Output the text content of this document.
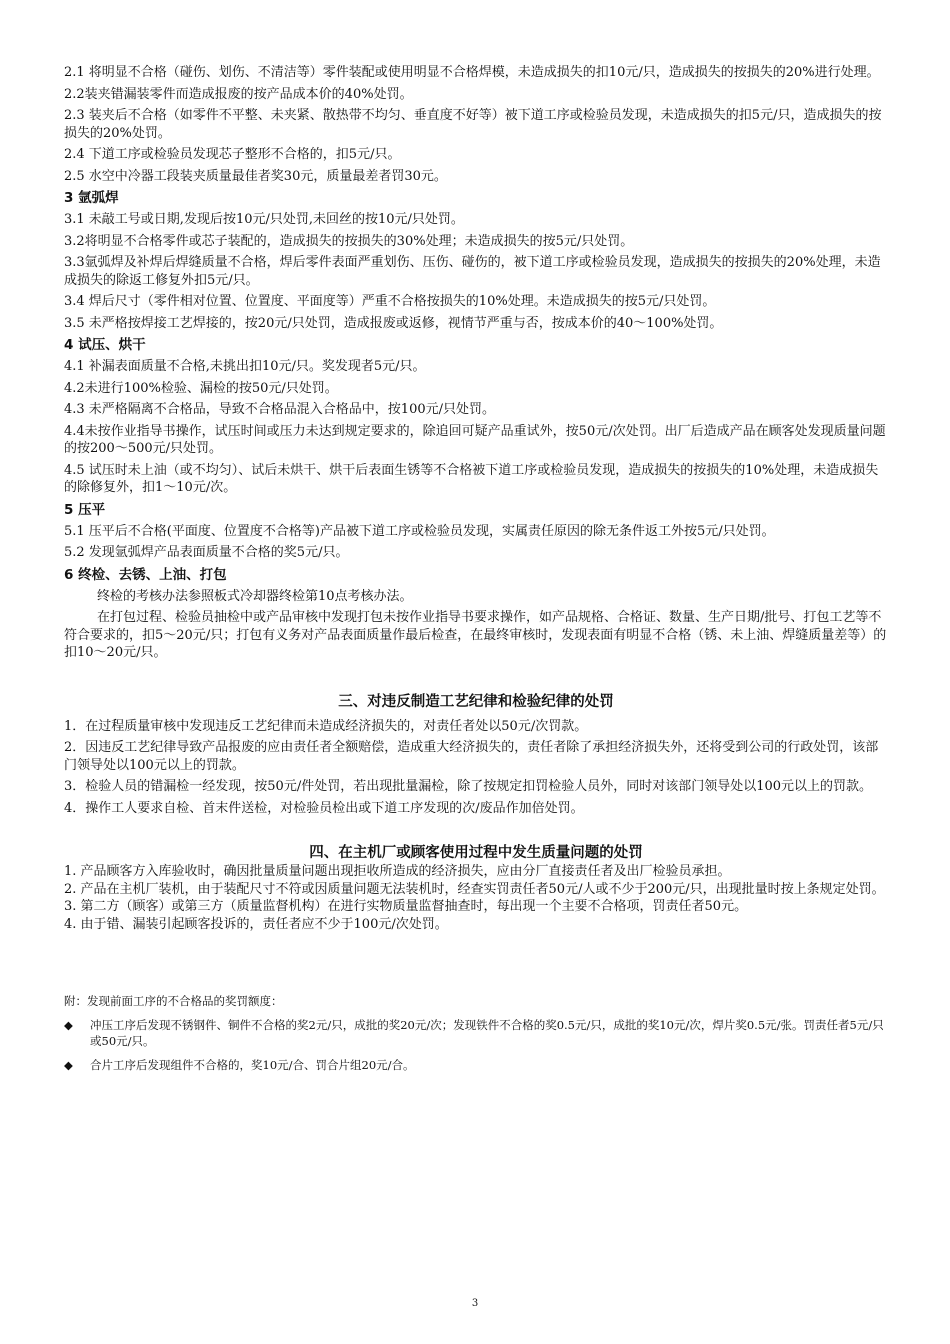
2.1 将明显不合格（碰伤、划伤、不清洁等）零件装配或使用明显不合格焊模，未造成损失的扣10元/只，造成损失的按损失的20%进行处理。

2.2装夹错漏装零件而造成报废的按产品成本价的40%处罚。

2.3 装夹后不合格（如零件不平整、未夹紧、散热带不均匀、垂直度不好等）被下道工序或检验员发现，未造成损失的扣5元/只，造成损失的按损失的20%处罚。

2.4 下道工序或检验员发现芯子整形不合格的，扣5元/只。

2.5 水空中冷器工段装夹质量最佳者奖30元，质量最差者罚30元。

3 氩弧焊

3.1 未敲工号或日期,发现后按10元/只处罚,未回丝的按10元/只处罚。

3.2将明显不合格零件或芯子装配的，造成损失的按损失的30%处理；未造成损失的按5元/只处罚。

3.3氩弧焊及补焊后焊缝质量不合格，焊后零件表面严重划伤、压伤、碰伤的，被下道工序或检验员发现，造成损失的按损失的20%处理，未造成损失的除返工修复外扣5元/只。

3.4 焊后尺寸（零件相对位置、位置度、平面度等）严重不合格按损失的10%处理。未造成损失的按5元/只处罚。

3.5 未严格按焊接工艺焊接的，按20元/只处罚，造成报废或返修，视情节严重与否，按成本价的40～100%处罚。

4 试压、烘干

4.1 补漏表面质量不合格,未挑出扣10元/只。奖发现者5元/只。

4.2未进行100%检验、漏检的按50元/只处罚。

4.3 未严格隔离不合格品，导致不合格品混入合格品中，按100元/只处罚。

4.4未按作业指导书操作，试压时间或压力未达到规定要求的，除追回可疑产品重试外，按50元/次处罚。出厂后造成产品在顾客处发现质量问题的按200～500元/只处罚。

4.5 试压时未上油（或不均匀）、试后未烘干、烘干后表面生锈等不合格被下道工序或检验员发现，造成损失的按损失的10%处理，未造成损失的除修复外，扣1～10元/次。

5 压平

5.1 压平后不合格(平面度、位置度不合格等)产品被下道工序或检验员发现，实属责任原因的除无条件返工外按5元/只处罚。

5.2 发现氩弧焊产品表面质量不合格的奖5元/只。

6 终检、去锈、上油、打包

终检的考核办法参照板式冷却器终检第10点考核办法。

在打包过程、检验员抽检中或产品审核中发现打包未按作业指导书要求操作，如产品规格、合格证、数量、生产日期/批号、打包工艺等不符合要求的，扣5～20元/只；打包有义务对产品表面质量作最后检查，在最终审核时，发现表面有明显不合格（锈、未上油、焊缝质量差等）的扣10～20元/只。

三、对违反制造工艺纪律和检验纪律的处罚

1．在过程质量审核中发现违反工艺纪律而未造成经济损失的，对责任者处以50元/次罚款。

2．因违反工艺纪律导致产品报废的应由责任者全额赔偿，造成重大经济损失的，责任者除了承担经济损失外，还将受到公司的行政处罚，该部门领导处以100元以上的罚款。

3．检验人员的错漏检一经发现，按50元/件处罚，若出现批量漏检，除了按规定扣罚检验人员外，同时对该部门领导处以100元以上的罚款。

4．操作工人要求自检、首末件送检，对检验员检出或下道工序发现的次/废品作加倍处罚。

四、在主机厂或顾客使用过程中发生质量问题的处罚

1. 产品顾客方入库验收时，确因批量质量问题出现拒收所造成的经济损失，应由分厂直接责任者及出厂检验员承担。

2. 产品在主机厂装机，由于装配尺寸不符或因质量问题无法装机时，经查实罚责任者50元/人或不少于200元/只，出现批量时按上条规定处罚。

3. 第二方（顾客）或第三方（质量监督机构）在进行实物质量监督抽查时，每出现一个主要不合格项，罚责任者50元。

4. 由于错、漏装引起顾客投诉的，责任者应不少于100元/次处罚。

附：发现前面工序的不合格品的奖罚额度：

◆ 冲压工序后发现不锈钢件、铜件不合格的奖2元/只，成批的奖20元/次；发现铁件不合格的奖0.5元/只，成批的奖10元/次，焊片奖0.5元/张。罚责任者5元/只或50元/只。
◆ 合片工序后发现组件不合格的，奖10元/合、罚合片组20元/合。
3
